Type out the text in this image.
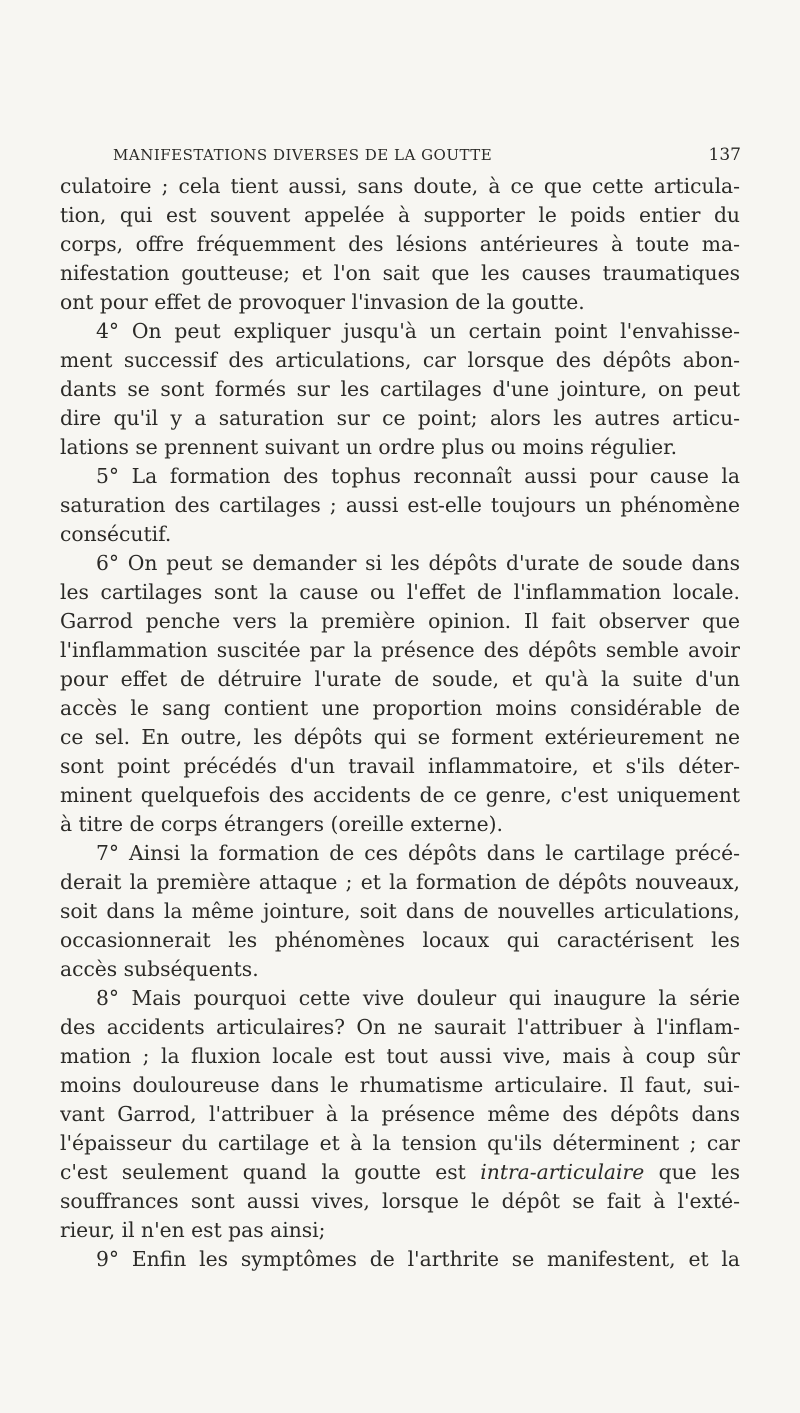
MANIFESTATIONS DIVERSES DE LA GOUTTE	137
culatoire ; cela tient aussi, sans doute, à ce que cette articula-
tion, qui est souvent appelée à supporter le poids entier du
corps, offre fréquemment des lésions antérieures à toute ma-
nifestation goutteuse; et l'on sait que les causes traumatiques
ont pour effet de provoquer l'invasion de la goutte.
4° On peut expliquer jusqu'à un certain point l'envahisse-
ment successif des articulations, car lorsque des dépôts abon-
dants se sont formés sur les cartilages d'une jointure, on peut
dire qu'il y a saturation sur ce point; alors les autres articu-
lations se prennent suivant un ordre plus ou moins régulier.
5° La formation des tophus reconnaît aussi pour cause la
saturation des cartilages ; aussi est-elle toujours un phénomène
consécutif.
6° On peut se demander si les dépôts d'urate de soude dans
les cartilages sont la cause ou l'effet de l'inflammation locale.
Garrod penche vers la première opinion. Il fait observer que
l'inflammation suscitée par la présence des dépôts semble avoir
pour effet de détruire l'urate de soude, et qu'à la suite d'un
accès le sang contient une proportion moins considérable de
ce sel. En outre, les dépôts qui se forment extérieurement ne
sont point précédés d'un travail inflammatoire, et s'ils déter-
minent quelquefois des accidents de ce genre, c'est uniquement
à titre de corps étrangers (oreille externe).
7° Ainsi la formation de ces dépôts dans le cartilage précé-
derait la première attaque ; et la formation de dépôts nouveaux,
soit dans la même jointure, soit dans de nouvelles articulations,
occasionnerait les phénomènes locaux qui caractérisent les
accès subséquents.
8° Mais pourquoi cette vive douleur qui inaugure la série
des accidents articulaires? On ne saurait l'attribuer à l'inflam-
mation ; la fluxion locale est tout aussi vive, mais à coup sûr
moins douloureuse dans le rhumatisme articulaire. Il faut, sui-
vant Garrod, l'attribuer à la présence même des dépôts dans
l'épaisseur du cartilage et à la tension qu'ils déterminent ; car
c'est seulement quand la goutte est intra-articulaire que les
souffrances sont aussi vives, lorsque le dépôt se fait à l'exté-
rieur, il n'en est pas ainsi;
9° Enfin les symptômes de l'arthrite se manifestent, et la
